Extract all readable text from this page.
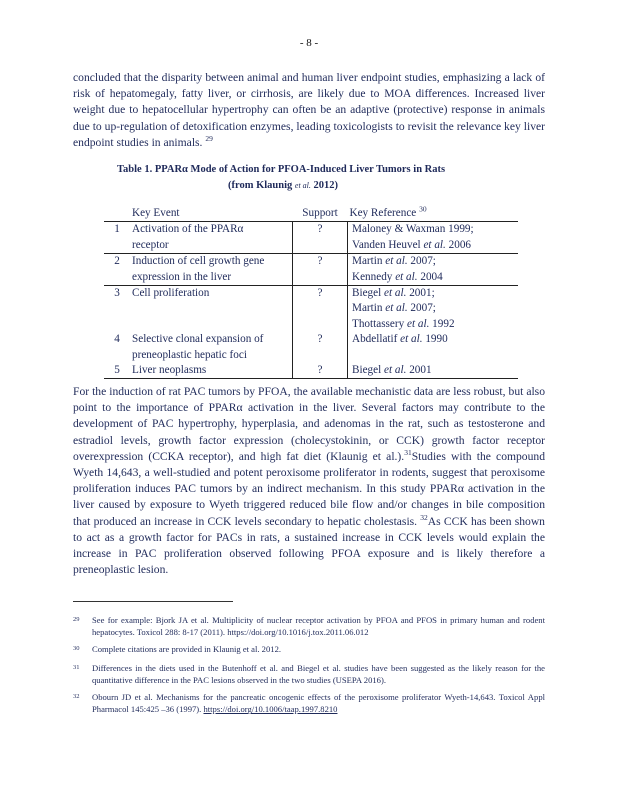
- 8 -

concluded that the disparity between animal and human liver endpoint studies, emphasizing a lack of risk of hepatomegaly, fatty liver, or cirrhosis, are likely due to MOA differences. Increased liver weight due to hepatocellular hypertrophy can often be an adaptive (protective) response in animals due to up-regulation of detoxification enzymes, leading toxicologists to revisit the relevance key liver endpoint studies in animals. $^{29}$

Table 1. PPARα Mode of Action for PFOA-Induced Liver Tumors in Rats
(from Klaunig et al. 2012)
	Key Event	Support	Key Reference $^{30}$
1	Activation of the PPARα
receptor	?	Maloney & Waxman 1999;
Vanden Heuvel et al. 2006
2	Induction of cell growth gene
expression in the liver	?	Martin et al. 2007;
Kennedy et al. 2004
3	Cell proliferation	?	Biegel et al. 2001;
Martin et al. 2007;
Thottassery et al. 1992
4	Selective clonal expansion of
preneoplastic hepatic foci	?	Abdellatif et al. 1990

5	Liver neoplasms	?	Biegel et al. 2001

For the induction of rat PAC tumors by PFOA, the available mechanistic data are less robust, but also point to the importance of PPARα activation in the liver. Several factors may contribute to the development of PAC hypertrophy, hyperplasia, and adenomas in the rat, such as testosterone and estradiol levels, growth factor expression (cholecystokinin, or CCK) growth factor receptor overexpression (CCKA receptor), and high fat diet (Klaunig et al.).$^{31}$Studies with the compound Wyeth 14,643, a well-studied and potent peroxisome proliferator in rodents, suggest that peroxisome proliferation induces PAC tumors by an indirect mechanism. In this study PPARα activation in the liver caused by exposure to Wyeth triggered reduced bile flow and/or changes in bile composition that produced an increase in CCK levels secondary to hepatic cholestasis. $^{32}$As CCK has been shown to act as a growth factor for PACs in rats, a sustained increase in CCK levels would explain the increase in PAC proliferation observed following PFOA exposure and is likely therefore a preneoplastic lesion.

29 See for example: Bjork JA et al. Multiplicity of nuclear receptor activation by PFOA and PFOS in primary human and rodent hepatocytes. Toxicol 288: 8-17 (2011). https://doi.org/10.1016/j.tox.2011.06.012
30 Complete citations are provided in Klaunig et al. 2012.
31 Differences in the diets used in the Butenhoff et al. and Biegel et al. studies have been suggested as the likely reason for the quantitative difference in the PAC lesions observed in the two studies (USEPA 2016).
32 Obourn JD et al. Mechanisms for the pancreatic oncogenic effects of the peroxisome proliferator Wyeth-14,643. Toxicol Appl Pharmacol 145:425 –36 (1997). https://doi.org/10.1006/taap.1997.8210
